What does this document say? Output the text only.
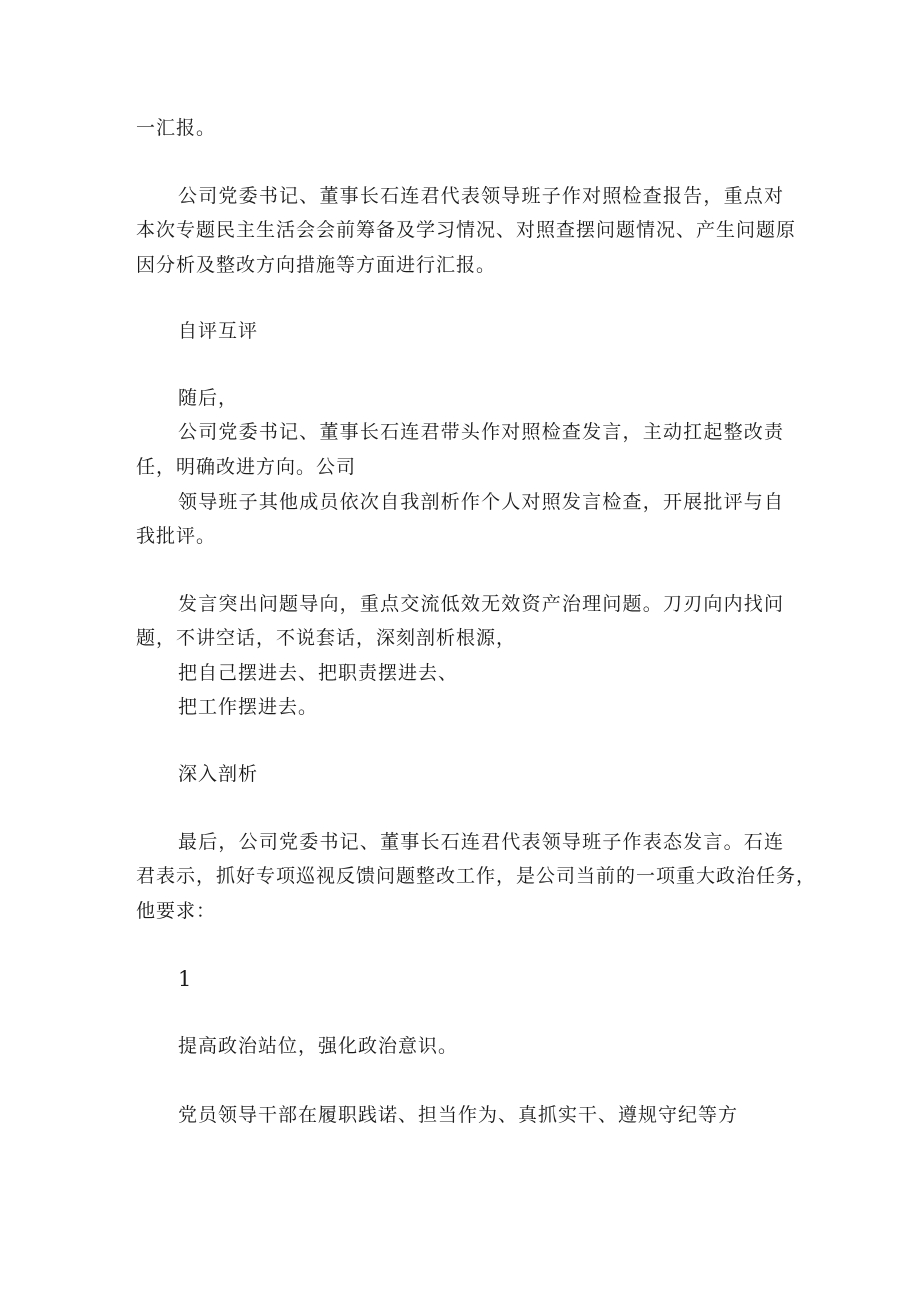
一汇报。
公司党委书记、董事长石连君代表领导班子作对照检查报告，重点对
本次专题民主生活会会前筹备及学习情况、对照查摆问题情况、产生问题原
因分析及整改方向措施等方面进行汇报。
自评互评
随后，
公司党委书记、董事长石连君带头作对照检查发言，主动扛起整改责
任，明确改进方向。公司
领导班子其他成员依次自我剖析作个人对照发言检查，开展批评与自
我批评。
发言突出问题导向，重点交流低效无效资产治理问题。刀刃向内找问
题，不讲空话，不说套话，深刻剖析根源，
把自己摆进去、把职责摆进去、
把工作摆进去。
深入剖析
最后，公司党委书记、董事长石连君代表领导班子作表态发言。石连
君表示，抓好专项巡视反馈问题整改工作，是公司当前的一项重大政治任务，
他要求：
1
提高政治站位，强化政治意识。
党员领导干部在履职践诺、担当作为、真抓实干、遵规守纪等方
